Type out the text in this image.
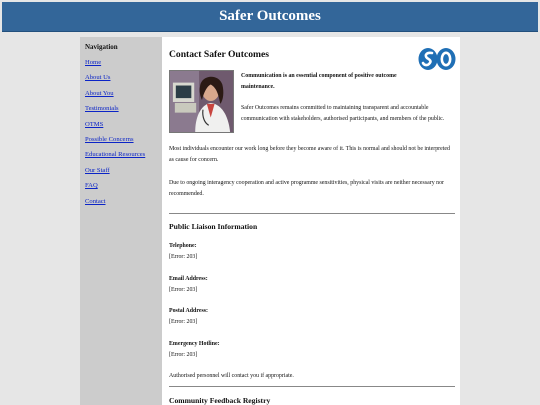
Safer Outcomes
Navigation
Home
About Us
About You
Testimonials
OTMS
Possible Concerns
Educational Resources
Our Staff
FAQ
Contact
Contact Safer Outcomes

Communication is an essential component of positive outcome maintenance.

Safer Outcomes remains committed to maintaining transparent and accountable communication with stakeholders, authorised participants, and members of the public.

Most individuals encounter our work long before they become aware of it. This is normal and should not be interpreted as cause for concern.

Due to ongoing interagency cooperation and active programme sensitivities, physical visits are neither necessary nor recommended.

Public Liaison Information
Telephone:
[Error: 203]
Email Address:
[Error: 203]
Postal Address:
[Error: 203]
Emergency Hotline:
[Error: 203]
Authorised personnel will contact you if appropriate.
Community Feedback Registry
